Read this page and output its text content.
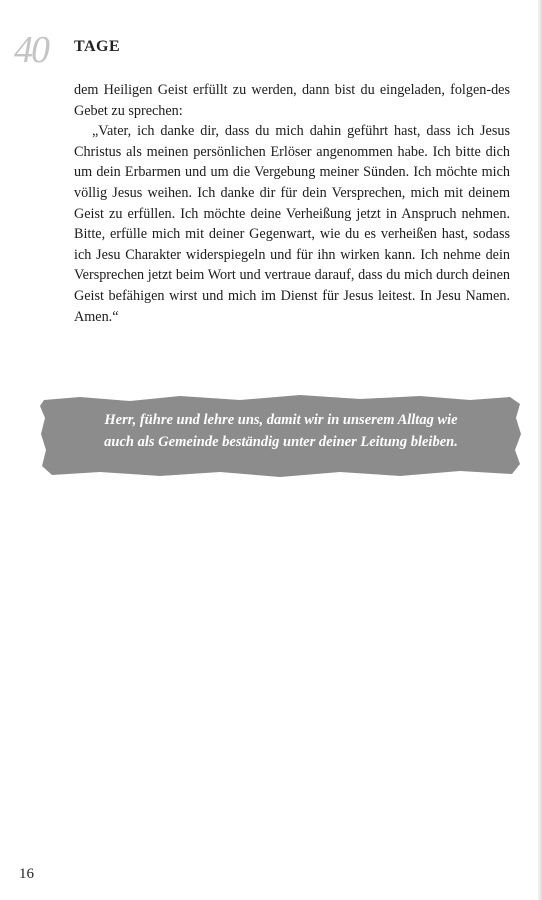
40 TAGE

dem Heiligen Geist erfüllt zu werden, dann bist du eingeladen, folgen-des Gebet zu sprechen:

„Vater, ich danke dir, dass du mich dahin geführt hast, dass ich Jesus Christus als meinen persönlichen Erlöser angenommen habe. Ich bitte dich um dein Erbarmen und um die Vergebung meiner Sünden. Ich möchte mich völlig Jesus weihen. Ich danke dir für dein Versprechen, mich mit deinem Geist zu erfüllen. Ich möchte deine Verheißung jetzt in Anspruch nehmen. Bitte, erfülle mich mit deiner Gegenwart, wie du es verheißen hast, sodass ich Jesu Charakter widerspiegeln und für ihn wirken kann. Ich nehme dein Versprechen jetzt beim Wort und vertraue darauf, dass du mich durch deinen Geist befähigen wirst und mich im Dienst für Jesus leitest. In Jesu Namen. Amen.“

Herr, führe und lehre uns, damit wir in unserem Alltag wie
auch als Gemeinde beständig unter deiner Leitung bleiben.
16
